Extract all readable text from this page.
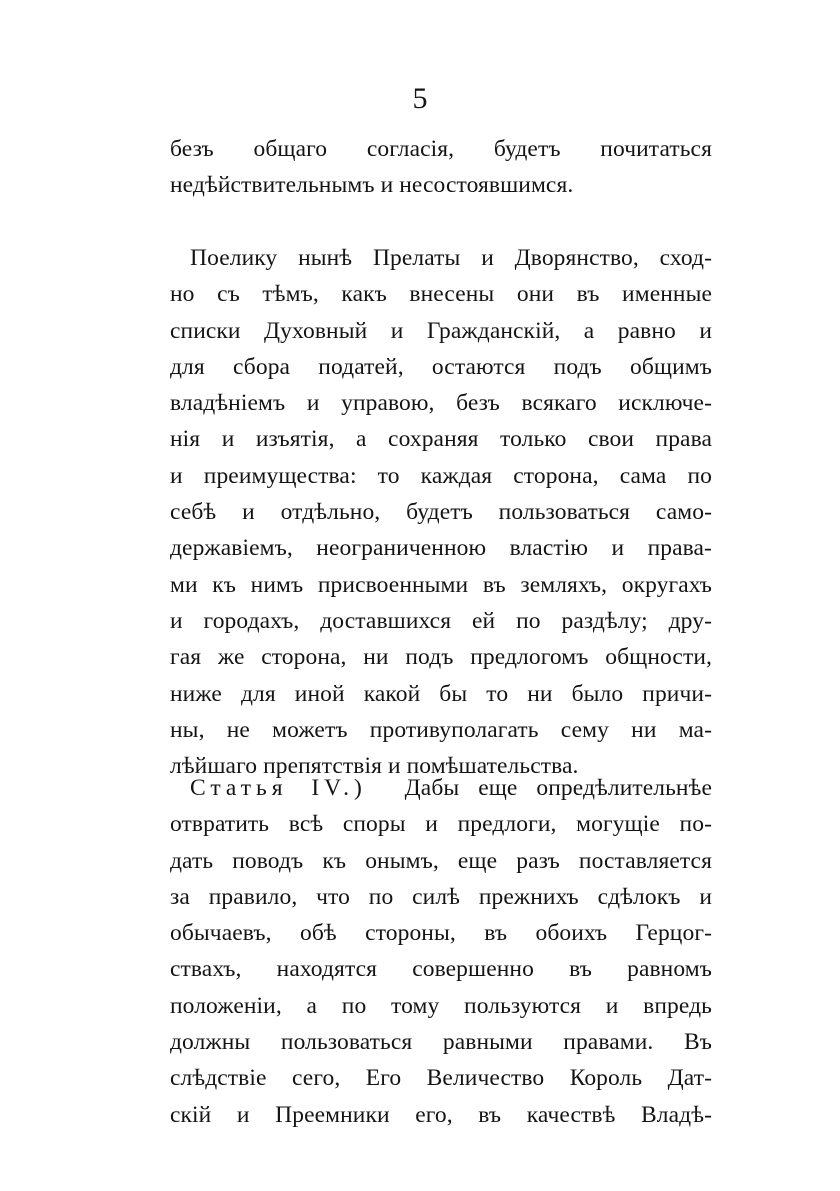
5
безъ общаго согласія, будетъ почитаться
недѣйствительнымъ и несостоявшимся.
Поелику нынѣ Прелаты и Дворянство, сход-
но съ тѣмъ, какъ внесены они въ именные
списки Духовный и Гражданскій, а равно и
для сбора податей, остаются подъ общимъ
владѣніемъ и управою, безъ всякаго исключе-
нія и изъятія, а сохраняя только свои права
и преимущества: то каждая сторона, сама по
себѣ и отдѣльно, будетъ пользоваться само-
державіемъ, неограниченною властію и права-
ми къ нимъ присвоенными въ земляхъ, округахъ
и городахъ, доставшихся ей по раздѣлу; дру-
гая же сторона, ни подъ предлогомъ общности,
ниже для иной какой бы то ни было причи-
ны, не можетъ противуполагать сему ни ма-
лѣйшаго препятствія и помѣшательства.
Статья IV.) Дабы еще опредѣлительнѣе
отвратить всѣ споры и предлоги, могущіе по-
дать поводъ къ онымъ, еще разъ поставляется
за правило, что по силѣ прежнихъ сдѣлокъ и
обычаевъ, обѣ стороны, въ обоихъ Герцог-
ствахъ, находятся совершенно въ равномъ
положеніи, а по тому пользуются и впредь
должны пользоваться равными правами. Въ
слѣдствіе сего, Его Величество Король Дат-
скій и Преемники его, въ качествѣ Владѣ-
